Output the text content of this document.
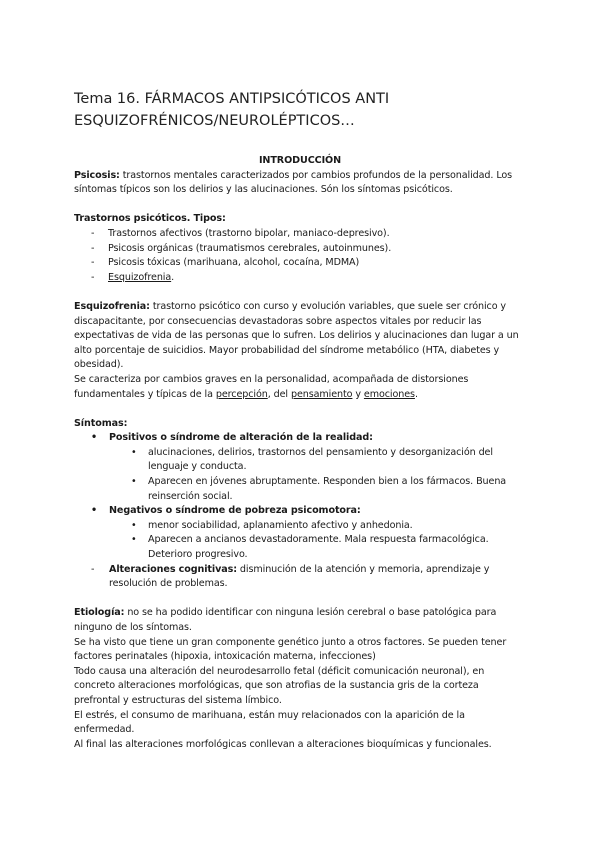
Tema 16. FÁRMACOS ANTIPSICÓTICOS ANTI ESQUIZOFRÉNICOS/NEUROLÉPTICOS…

INTRODUCCIÓN

Psicosis: trastornos mentales caracterizados por cambios profundos de la personalidad. Los síntomas típicos son los delirios y las alucinaciones. Són los síntomas psicóticos.

Trastornos psicóticos. Tipos:

- Trastornos afectivos (trastorno bipolar, maniaco-depresivo).
- Psicosis orgánicas (traumatismos cerebrales, autoinmunes).
- Psicosis tóxicas (marihuana, alcohol, cocaína, MDMA)
- Esquizofrenia.

Esquizofrenia: trastorno psicótico con curso y evolución variables, que suele ser crónico y discapacitante, por consecuencias devastadoras sobre aspectos vitales por reducir las expectativas de vida de las personas que lo sufren. Los delirios y alucinaciones dan lugar a un alto porcentaje de suicidios. Mayor probabilidad del síndrome metabólico (HTA, diabetes y obesidad).

Se caracteriza por cambios graves en la personalidad, acompañada de distorsiones fundamentales y típicas de la percepción, del pensamiento y emociones.

Síntomas:

• Positivos o síndrome de alteración de la realidad:
• alucinaciones, delirios, trastornos del pensamiento y desorganización del lenguaje y conducta.
• Aparecen en jóvenes abruptamente. Responden bien a los fármacos. Buena reinserción social.
• Negativos o síndrome de pobreza psicomotora:
• menor sociabilidad, aplanamiento afectivo y anhedonia.
• Aparecen a ancianos devastadoramente. Mala respuesta farmacológica. Deterioro progresivo.
- Alteraciones cognitivas: disminución de la atención y memoria, aprendizaje y resolución de problemas.

Etiología: no se ha podido identificar con ninguna lesión cerebral o base patológica para ninguno de los síntomas.

Se ha visto que tiene un gran componente genético junto a otros factores. Se pueden tener factores perinatales (hipoxia, intoxicación materna, infecciones)

Todo causa una alteración del neurodesarrollo fetal (déficit comunicación neuronal), en concreto alteraciones morfológicas, que son atrofias de la sustancia gris de la corteza prefrontal y estructuras del sistema límbico.

El estrés, el consumo de marihuana, están muy relacionados con la aparición de la enfermedad.

Al final las alteraciones morfológicas conllevan a alteraciones bioquímicas y funcionales.
